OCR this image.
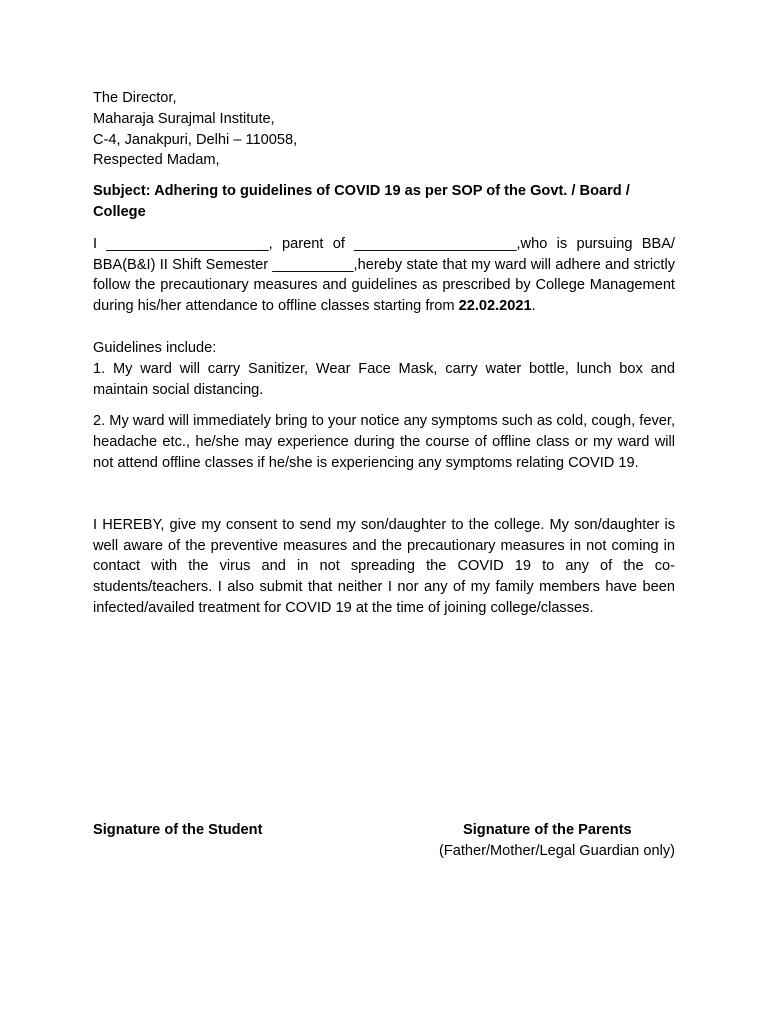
The Director,
Maharaja Surajmal Institute,
C-4, Janakpuri, Delhi – 110058,
Respected Madam,
Subject: Adhering to guidelines of COVID 19 as per SOP of the Govt. / Board / College
I ____________________, parent of ____________________,who is pursuing BBA/ BBA(B&I) II Shift Semester __________,hereby state that my ward will adhere and strictly follow the precautionary measures and guidelines as prescribed by College Management during his/her attendance to offline classes starting from 22.02.2021.
Guidelines include:
1. My ward will carry Sanitizer, Wear Face Mask, carry water bottle, lunch box and maintain social distancing.
2. My ward will immediately bring to your notice any symptoms such as cold, cough, fever, headache etc., he/she may experience during the course of offline class or my ward will not attend offline classes if he/she is experiencing any symptoms relating COVID 19.
I HEREBY, give my consent to send my son/daughter to the college. My son/daughter is well aware of the preventive measures and the precautionary measures in not coming in contact with the virus and in not spreading the COVID 19 to any of the co-students/teachers. I also submit that neither I nor any of my family members have been infected/availed treatment for COVID 19 at the time of joining college/classes.
Signature of the Student	Signature of the Parents
(Father/Mother/Legal Guardian only)
